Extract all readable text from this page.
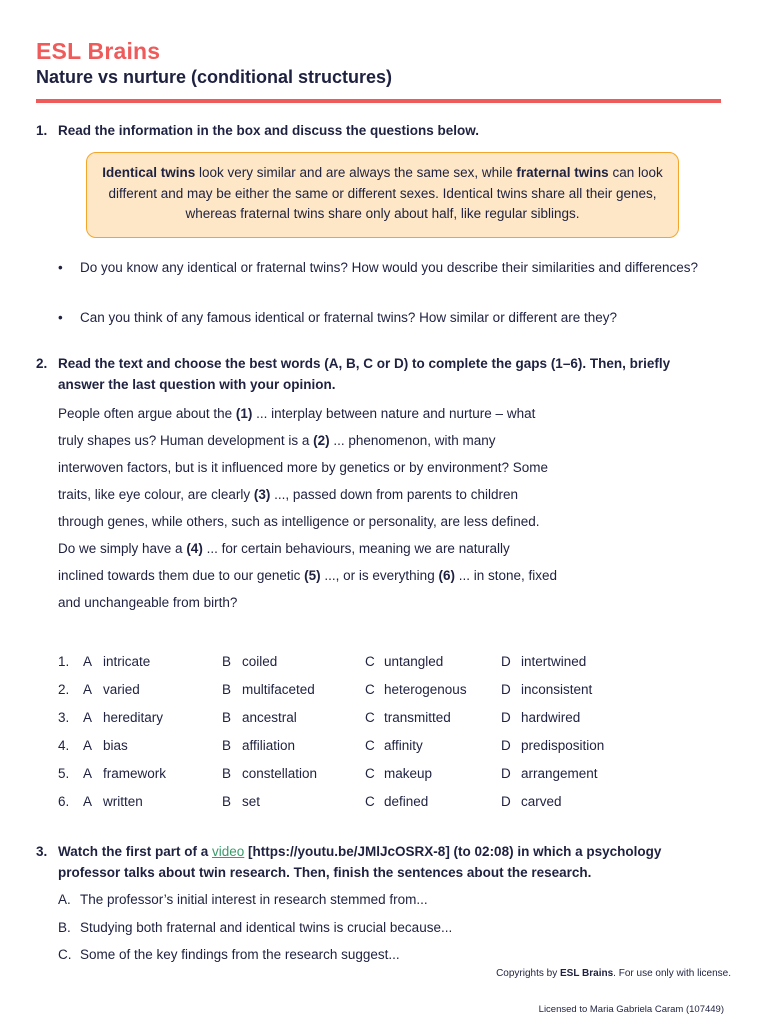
ESL Brains
Nature vs nurture (conditional structures)
1. Read the information in the box and discuss the questions below.
Identical twins look very similar and are always the same sex, while fraternal twins can look different and may be either the same or different sexes. Identical twins share all their genes, whereas fraternal twins share only about half, like regular siblings.
•	Do you know any identical or fraternal twins? How would you describe their similarities and differences?
•	Can you think of any famous identical or fraternal twins? How similar or different are they?
2. Read the text and choose the best words (A, B, C or D) to complete the gaps (1–6). Then, briefly answer the last question with your opinion.
People often argue about the (1) ... interplay between nature and nurture – what truly shapes us? Human development is a (2) ... phenomenon, with many interwoven factors, but is it influenced more by genetics or by environment? Some traits, like eye colour, are clearly (3) ..., passed down from parents to children through genes, while others, such as intelligence or personality, are less defined. Do we simply have a (4) ... for certain behaviours, meaning we are naturally inclined towards them due to our genetic (5) ..., or is everything (6) ... in stone, fixed and unchangeable from birth?
1. A intricate	B coiled	C untangled	D intertwined
2. A varied	B multifaceted	C heterogenous	D inconsistent
3. A hereditary	B ancestral	C transmitted	D hardwired
4. A bias	B affiliation	C affinity	D predisposition
5. A framework	B constellation	C makeup	D arrangement
6. A written	B set	C defined	D carved
3. Watch the first part of a video [https://youtu.be/JMlJcOSRX-8] (to 02:08) in which a psychology
professor talks about twin research. Then, finish the sentences about the research.
A. The professor’s initial interest in research stemmed from...
B. Studying both fraternal and identical twins is crucial because...
C. Some of the key findings from the research suggest...
Copyrights by ESL Brains. For use only with license.
Licensed to Maria Gabriela Caram (107449)
